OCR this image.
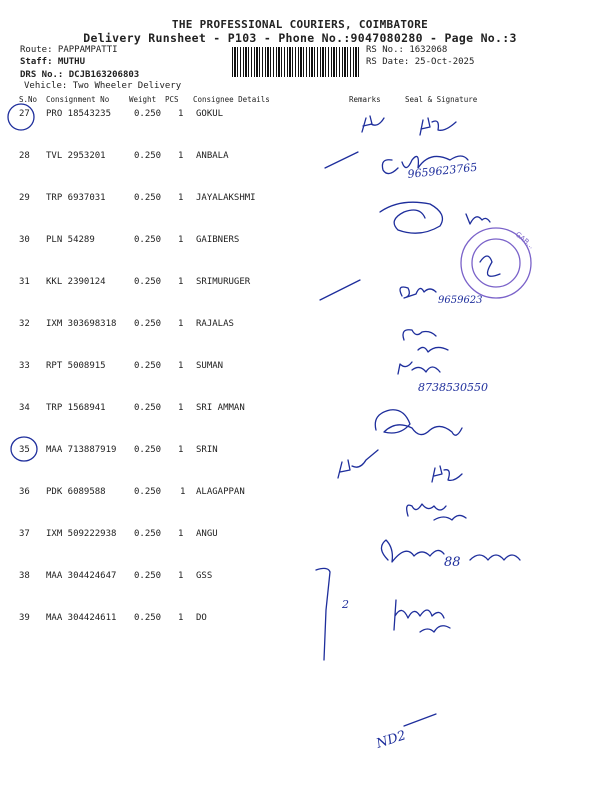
THE PROFESSIONAL COURIERS, COIMBATORE
Delivery Runsheet - P103 - Phone No.:9047080280 - Page No.:3
Route: PAPPAMPATTI
Staff: MUTHU
DRS No.: DCJB163206803
Vehicle: Two Wheeler Delivery
RS No.: 1632068
RS Date: 25-Oct-2025
S.No Consignment No	Weight PCS Consignee Details	Remarks	Seal & Signature
27 PRO 18543235	0.250 1 GOKUL
28 TVL 2953201	0.250 1 ANBALA
29 TRP 6937031	0.250 1 JAYALAKSHMI
30 PLN 54289	0.250 1 GAIBNERS
31 KKL 2390124	0.250 1 SRIMURUGER
32 IXM 303698318 0.250 1 RAJALAS
33 RPT 5008915	0.250 1 SUMAN
34 TRP 1568941	0.250 1 SRI AMMAN
35 MAA 713887919 0.250 1 SRIN
36 PDK 6089588	0.250 1 ALAGAPPAN
37 IXM 509222938 0.250 1 ANGU
38 MAA 304424647 0.250 1 GSS
39 MAA 304424611 0.250 1 DO
9659623765
GAB...
9659623
8738530550
88
2
ND2
